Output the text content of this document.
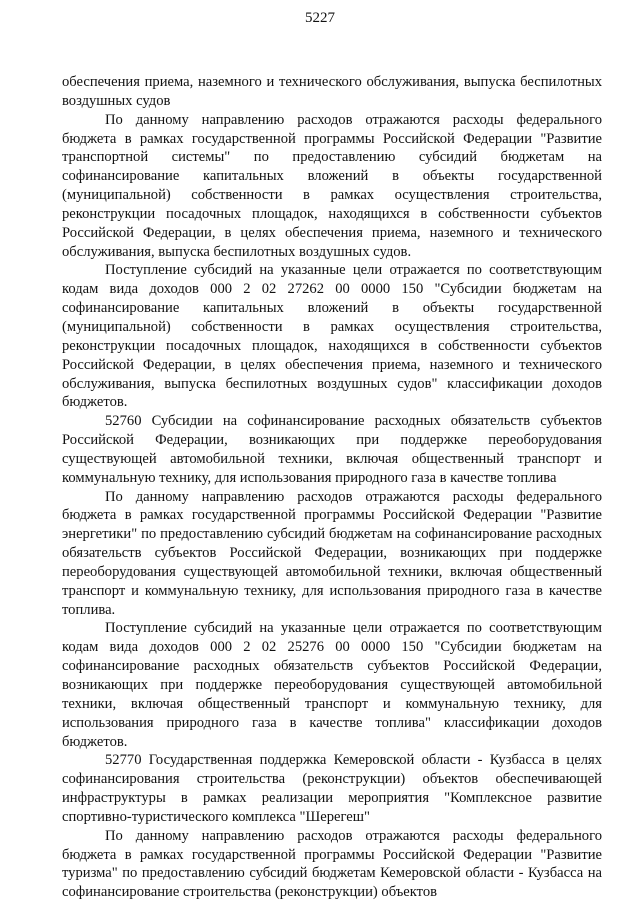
5227

обеспечения приема, наземного и технического обслуживания, выпуска беспилотных воздушных судов

По данному направлению расходов отражаются расходы федерального бюджета в рамках государственной программы Российской Федерации "Развитие транспортной системы" по предоставлению субсидий бюджетам на софинансирование капитальных вложений в объекты государственной (муниципальной) собственности в рамках осуществления строительства, реконструкции посадочных площадок, находящихся в собственности субъектов Российской Федерации, в целях обеспечения приема, наземного и технического обслуживания, выпуска беспилотных воздушных судов.

Поступление субсидий на указанные цели отражается по соответствующим кодам вида доходов 000 2 02 27262 00 0000 150 "Субсидии бюджетам на софинансирование капитальных вложений в объекты государственной (муниципальной) собственности в рамках осуществления строительства, реконструкции посадочных площадок, находящихся в собственности субъектов Российской Федерации, в целях обеспечения приема, наземного и технического обслуживания, выпуска беспилотных воздушных судов" классификации доходов бюджетов.

52760 Субсидии на софинансирование расходных обязательств субъектов Российской Федерации, возникающих при поддержке переоборудования существующей автомобильной техники, включая общественный транспорт и коммунальную технику, для использования природного газа в качестве топлива

По данному направлению расходов отражаются расходы федерального бюджета в рамках государственной программы Российской Федерации "Развитие энергетики" по предоставлению субсидий бюджетам на софинансирование расходных обязательств субъектов Российской Федерации, возникающих при поддержке переоборудования существующей автомобильной техники, включая общественный транспорт и коммунальную технику, для использования природного газа в качестве топлива.

Поступление субсидий на указанные цели отражается по соответствующим кодам вида доходов 000 2 02 25276 00 0000 150 "Субсидии бюджетам на софинансирование расходных обязательств субъектов Российской Федерации, возникающих при поддержке переоборудования существующей автомобильной техники, включая общественный транспорт и коммунальную технику, для использования природного газа в качестве топлива" классификации доходов бюджетов.

52770 Государственная поддержка Кемеровской области - Кузбасса в целях софинансирования строительства (реконструкции) объектов обеспечивающей инфраструктуры в рамках реализации мероприятия "Комплексное развитие спортивно-туристического комплекса "Шерегеш"

По данному направлению расходов отражаются расходы федерального бюджета в рамках государственной программы Российской Федерации "Развитие туризма" по предоставлению субсидий бюджетам Кемеровской области - Кузбасса на софинансирование строительства (реконструкции) объектов
